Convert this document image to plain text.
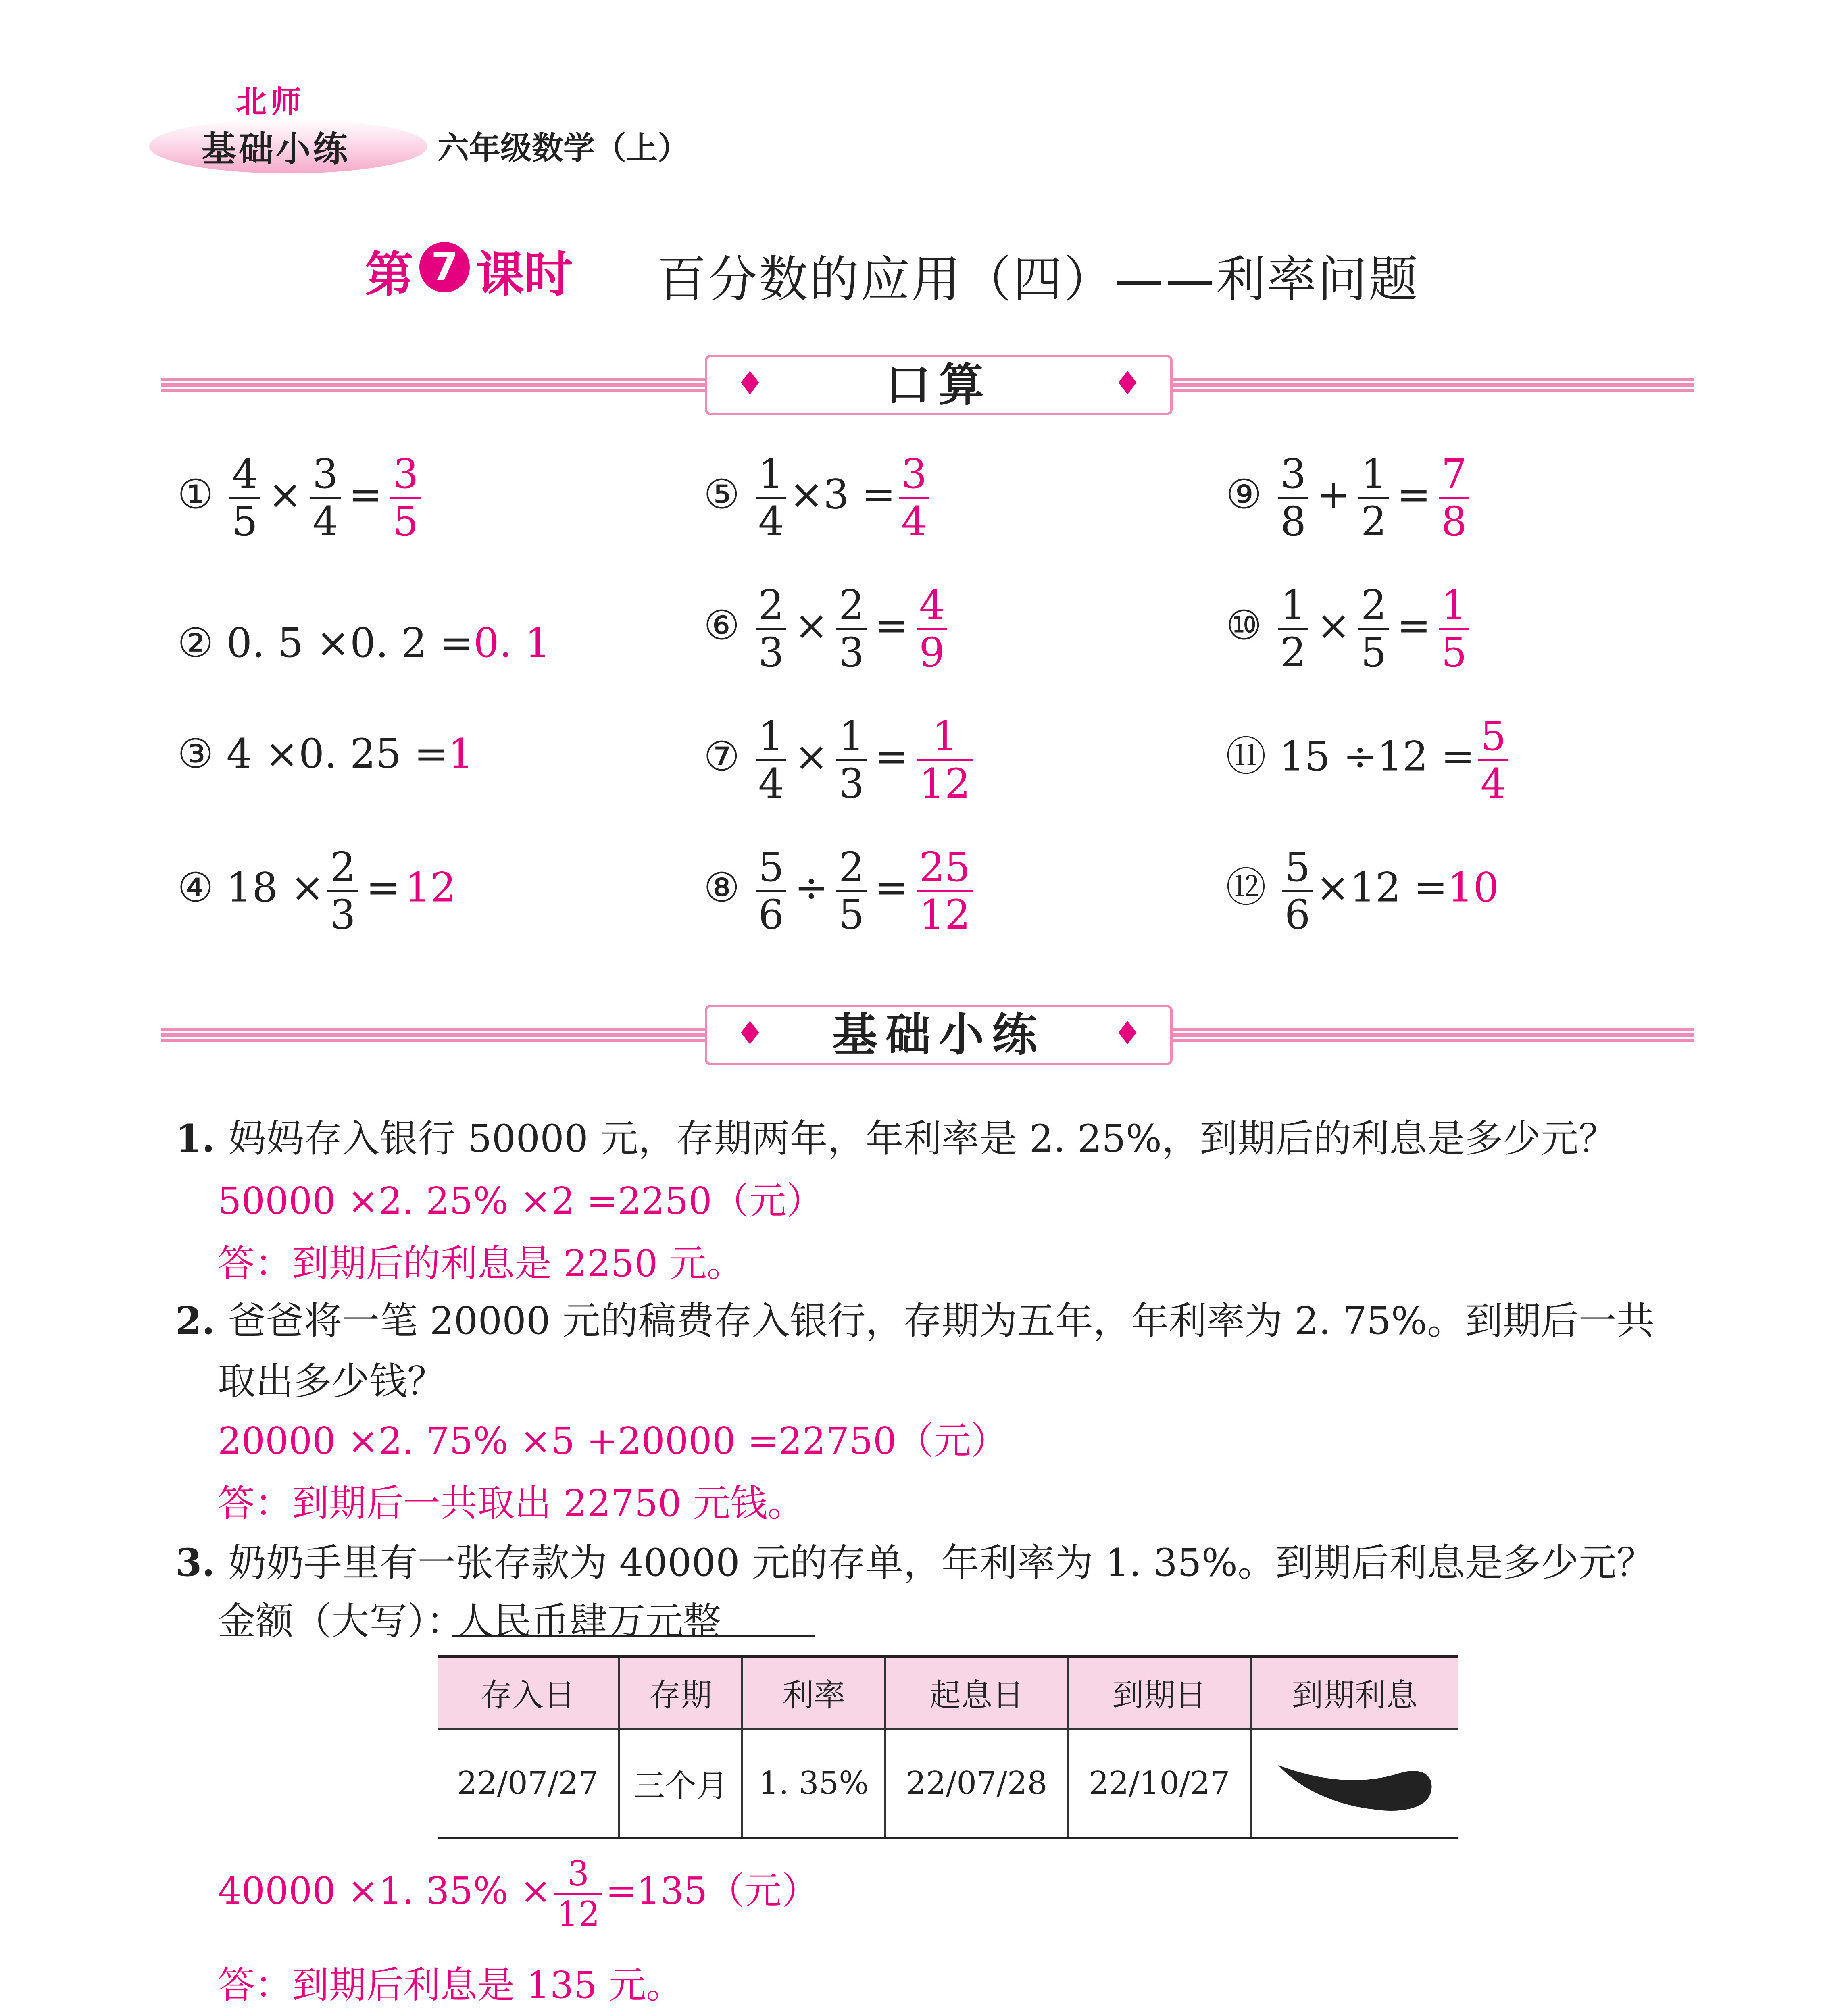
北师
基础小练	六年级数学（上）
第 7 课时 百分数的应用（四）——利率问题
♦	口算	♦
① $\frac{4}{5} \times \frac{3}{4} = \frac{3}{5}$
② 0. 5 ×0. 2 =0. 1
③ 4 ×0. 25 =1
④ $18 \times \frac{2}{3} = 12$
⑤ $\frac{1}{4} \times 3 = \frac{3}{4}$
⑥ $\frac{2}{3} \times \frac{2}{3} = \frac{4}{9}$
⑦ $\frac{1}{4} \times \frac{1}{3} = \frac{1}{12}$
⑧ $\frac{5}{6} \div \frac{2}{5} = \frac{25}{12}$
⑨ $\frac{3}{8} + \frac{1}{2} = \frac{7}{8}$
⑩ $\frac{1}{2} \times \frac{2}{5} = \frac{1}{5}$
⑪ $15 \div 12 = \frac{5}{4}$
⑫ $\frac{5}{6} \times 12 =10$
♦ 基础小练 ♦
1. 妈妈存入银行 50000 元，存期两年，年利率是 2. 25%，到期后的利息是多少元？
50000 ×2. 25% ×2 =2250（元）
答：到期后的利息是 2250 元。
2. 爸爸将一笔 20000 元的稿费存入银行，存期为五年，年利率为 2. 75%。到期后一共
取出多少钱？
20000 ×2. 75% ×5 +20000 =22750（元）
答：到期后一共取出 22750 元钱。
3. 奶奶手里有一张存款为 40000 元的存单，年利率为 1. 35%。到期后利息是多少元？
金额（大写）：
人民币肆万元整
存入日	存期	利率	起息日	到期日	到期利息
22/07/27	三个月	1. 35%	22/07/28	22/10/27	
40000 ×1. $35\% \times \frac{3}{12} =135$（元）
答：到期后利息是 135 元。
